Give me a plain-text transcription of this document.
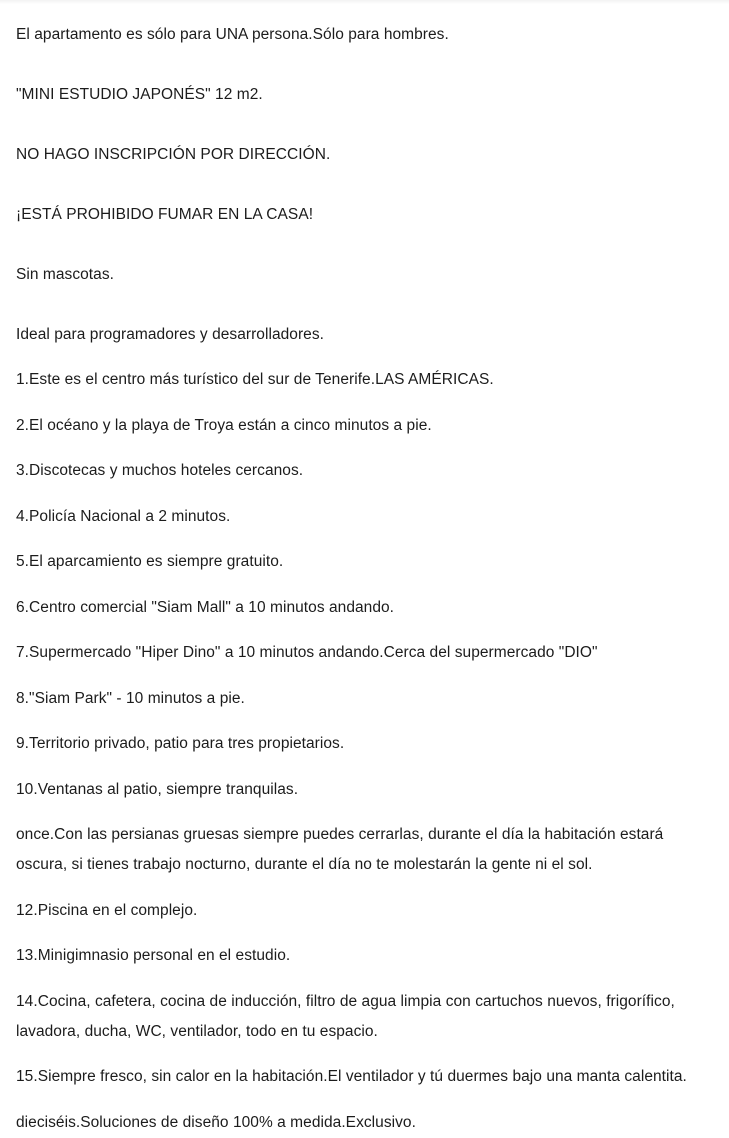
El apartamento es sólo para UNA persona.Sólo para hombres.

"MINI ESTUDIO JAPONÉS" 12 m2.

NO HAGO INSCRIPCIÓN POR DIRECCIÓN.

¡ESTÁ PROHIBIDO FUMAR EN LA CASA!

Sin mascotas.

Ideal para programadores y desarrolladores.

1.Este es el centro más turístico del sur de Tenerife.LAS AMÉRICAS.

2.El océano y la playa de Troya están a cinco minutos a pie.

3.Discotecas y muchos hoteles cercanos.

4.Policía Nacional a 2 minutos.

5.El aparcamiento es siempre gratuito.

6.Centro comercial "Siam Mall" a 10 minutos andando.

7.Supermercado "Hiper Dino" a 10 minutos andando.Cerca del supermercado "DIO"

8."Siam Park" - 10 minutos a pie.

9.Territorio privado, patio para tres propietarios.

10.Ventanas al patio, siempre tranquilas.

once.Con las persianas gruesas siempre puedes cerrarlas, durante el día la habitación estará oscura, si tienes trabajo nocturno, durante el día no te molestarán la gente ni el sol.

12.Piscina en el complejo.

13.Minigimnasio personal en el estudio.

14.Cocina, cafetera, cocina de inducción, filtro de agua limpia con cartuchos nuevos, frigorífico, lavadora, ducha, WC, ventilador, todo en tu espacio.

15.Siempre fresco, sin calor en la habitación.El ventilador y tú duermes bajo una manta calentita.

dieciséis.Soluciones de diseño 100% a medida.Exclusivo.
